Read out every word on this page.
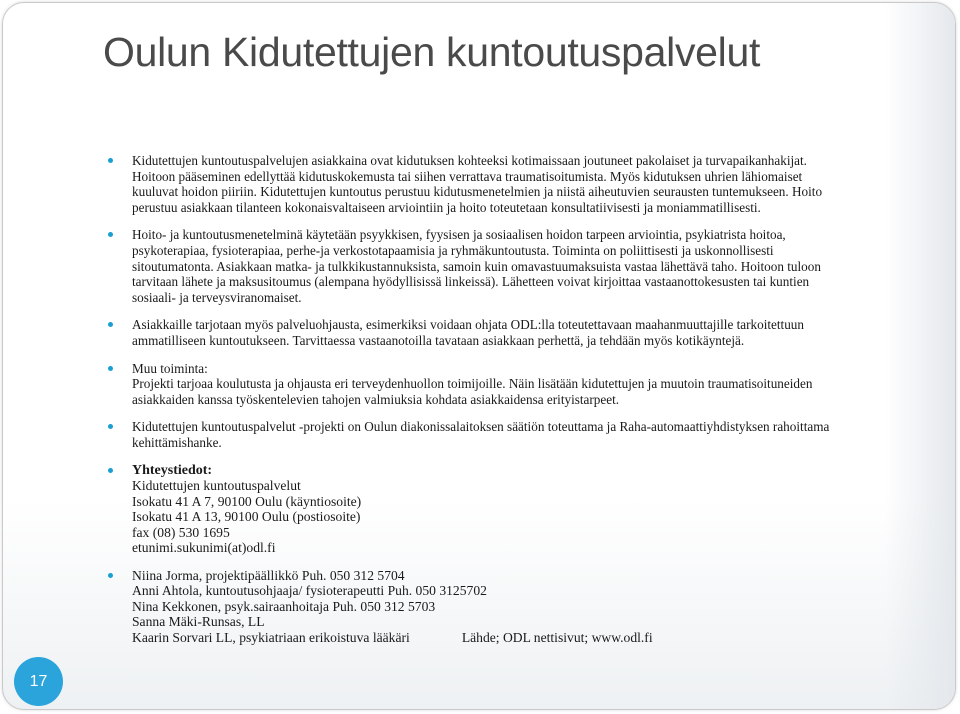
Oulun Kidutettujen kuntoutuspalvelut

Kidutettujen kuntoutuspalvelujen asiakkaina ovat kidutuksen kohteeksi kotimaissaan joutuneet pakolaiset ja turvapaikanhakijat.

Hoitoon pääseminen edellyttää kidutuskokemusta tai siihen verrattava traumatisoitumista. Myös kidutuksen uhrien lähiomaiset

kuuluvat hoidon piiriin. Kidutettujen kuntoutus perustuu kidutusmenetelmien ja niistä aiheutuvien seurausten tuntemukseen. Hoito

perustuu asiakkaan tilanteen kokonaisvaltaiseen arviointiin ja hoito toteutetaan konsultatiivisesti ja moniammatillisesti.

Hoito- ja kuntoutusmenetelminä käytetään psyykkisen, fyysisen ja sosiaalisen hoidon tarpeen arviointia, psykiatrista hoitoa,

psykoterapiaa, fysioterapiaa, perhe-ja verkostotapaamisia ja ryhmäkuntoutusta. Toiminta on poliittisesti ja uskonnollisesti

sitoutumatonta. Asiakkaan matka- ja tulkkikustannuksista, samoin kuin omavastuumaksuista vastaa lähettävä taho. Hoitoon tuloon

tarvitaan lähete ja maksusitoumus (alempana hyödyllisissä linkeissä). Lähetteen voivat kirjoittaa vastaanottokesusten tai kuntien

sosiaali- ja terveysviranomaiset.

Asiakkaille tarjotaan myös palveluohjausta, esimerkiksi voidaan ohjata ODL:lla toteutettavaan maahanmuuttajille tarkoitettuun

ammatilliseen kuntoutukseen. Tarvittaessa vastaanotoilla tavataan asiakkaan perhettä, ja tehdään myös kotikäyntejä.

Muu toiminta:

Projekti tarjoaa koulutusta ja ohjausta eri terveydenhuollon toimijoille. Näin lisätään kidutettujen ja muutoin traumatisoituneiden

asiakkaiden kanssa työskentelevien tahojen valmiuksia kohdata asiakkaidensa erityistarpeet.

Kidutettujen kuntoutuspalvelut -projekti on Oulun diakonissalaitoksen säätiön toteuttama ja Raha-automaattiyhdistyksen rahoittama

kehittämishanke.

Yhteystiedot:

Kidutettujen kuntoutuspalvelut

Isokatu 41 A 7, 90100 Oulu (käyntiosoite)

Isokatu 41 A 13, 90100 Oulu (postiosoite)

fax (08) 530 1695

etunimi.sukunimi(at)odl.fi

Niina Jorma, projektipäällikkö Puh. 050 312 5704

Anni Ahtola, kuntoutusohjaaja/ fysioterapeutti Puh. 050 3125702

Nina Kekkonen, psyk.sairaanhoitaja Puh. 050 312 5703

Sanna Mäki-Runsas, LL

Kaarin Sorvari LL, psykiatriaan erikoistuva lääkäri	Lähde; ODL nettisivut; www.odl.fi

17
